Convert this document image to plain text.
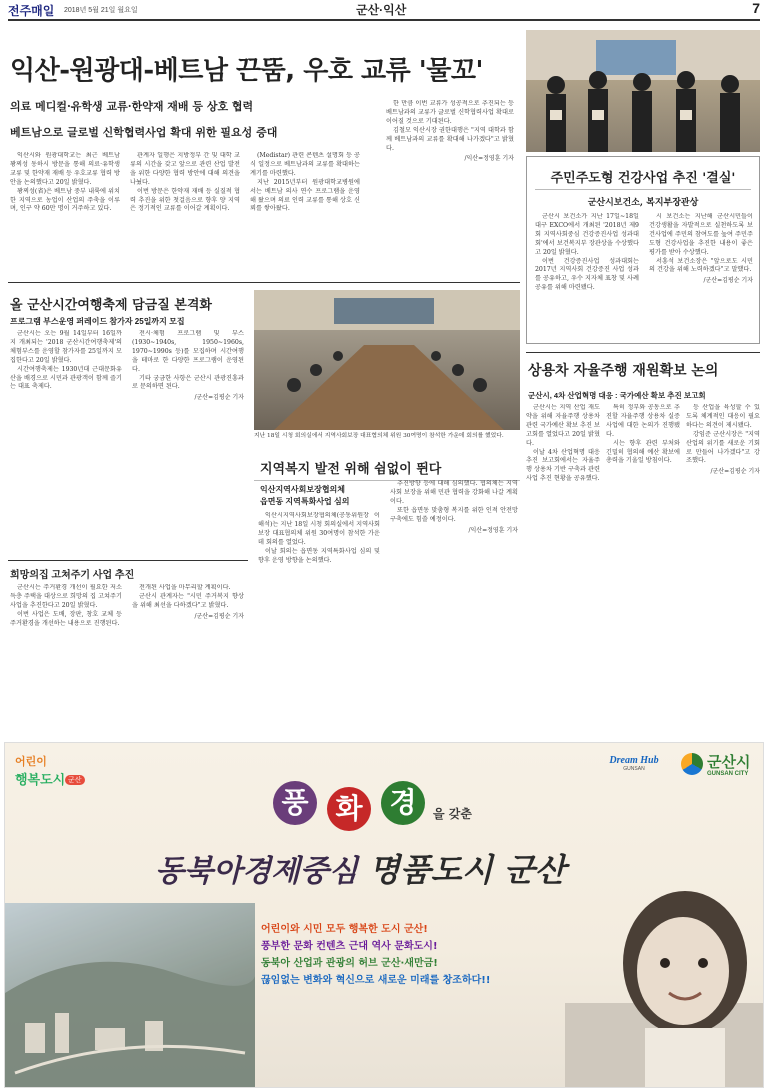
전주매일 2018년 5월 21일 월요일	군산·익산	7
익산-원광대-베트남 끈뚬, 우호 교류 '물꼬'
의료 메디컬·유학생 교류·한약재 재배 등 상호 협력
베트남으로 글로벌 신학협력사업 확대 위한 필요성 증대

익산시와 원광대학교는 최근 베트남 꽝찌성 동하시 방문을 통해 의료·유학생 교류 및 한약재 재배 등 우호교류 협력 방안을 논의했다고 20일 밝혔다.

꽝찌성(省)은 베트남 중부 내륙에 위치한 지역으로 농업이 산업의 주축을 이루며, 인구 약 60만 명이 거주하고 있다.

관계자 일행은 지방정부 간 및 대학 교류의 시간을 갖고 앞으로 관련 산업 발전을 위한 다양한 협력 방안에 대해 의견을 나눴다.

이번 방문은 한약재 재배 등 실질적 협력 추진을 위한 첫걸음으로 향후 양 지역은 정기적인 교류를 이어갈 계획이다.

(Medistar) 관련 콘텐츠 설명회 등 공식 일정으로 베트남과의 교류를 확대하는 계기를 마련했다.

지난 2015년부터 원광대학교병원에서는 베트남 의사 연수 프로그램을 운영해 왔으며 의료 인력 교류를 통해 상호 신뢰를 쌓아왔다.

한 만큼 이번 교류가 성공적으로 추진되는 등 베트남과의 교류가 글로벌 신학협력사업 확대로 이어질 것으로 기대된다.

김철모 익산시장 권한대행은 "지역 대학과 함께 베트남과의 교류를 확대해 나가겠다"고 밝혔다.

/익산=정영훈 기자
주민주도형 건강사업 추진 '결실'
군산시보건소, 복지부장관상

군산시 보건소가 지난 17일~18일 대구 EXCO에서 개최된 '2018년 제9회 지역사회중심 건강증진사업 성과대회'에서 보건복지부 장관상을 수상했다고 20일 밝혔다.

이번 건강증진사업 성과대회는 2017년 지역사회 건강증진 사업 성과를 공유하고, 우수 지자체 표창 및 사례 공유를 위해 마련됐다.

시 보건소는 지난해 군산시민들이 건강생활을 자발적으로 실천하도록 보건사업에 주민의 참여도를 높여 주민주도형 건강사업을 추진한 내용이 좋은 평가를 받아 수상했다.

서흥석 보건소장은 "앞으로도 시민의 건강을 위해 노력하겠다"고 말했다.

/군산=김평순 기자
올 군산시간여행축제 담금질 본격화
프로그램 부스운영 퍼레이드 참가자 25일까지 모집

군산시는 오는 9월 14일부터 16일까지 개최되는 '2018 군산시간여행축제'의 체험부스를 운영할 참가자를 25일까지 모집한다고 20일 밝혔다.

시간여행축제는 1930년대 근대문화유산을 배경으로 시민과 관광객이 함께 즐기는 대표 축제다.

전시·체험 프로그램 및 부스(1930~1940s, 1950~1960s, 1970~1990s 등)를 모집하며 시간여행을 테마로 한 다양한 프로그램이 운영된다.

기타 궁금한 사항은 군산시 관광진흥과로 문의하면 된다.

/군산=김평순 기자
지난 18일 시청 회의실에서 지역사회보장 대표협의체 위원 30여명이 참석한 가운데 회의를 했었다.
지역복지 발전 위해 쉼없이 뛴다
익산지역사회보장협의체
읍면동 지역특화사업 심의

익산시지역사회보장협의체(공동위원장 이해석)는 지난 18일 시청 회의실에서 지역사회보장 대표협의체 위원 30여명이 참석한 가운데 회의를 열었다.

이날 회의는 읍면동 지역특화사업 심의 및 향후 운영 방향을 논의했다.

추진방향 등에 대해 심의했다. 협의체는 지역사회 보장을 위해 민관 협력을 강화해 나갈 계획이다.

또한 읍면동 맞춤형 복지를 위한 인적 안전망 구축에도 힘쓸 예정이다.

/익산=정영훈 기자
상용차 자율주행 재원확보 논의
군산시, 4차 산업혁명 대응 : 국가예산 확보 추진 보고회

군산시는 지역 산업 재도약을 위해 자율주행 상용차 관련 국가예산 확보 추진 보고회를 열었다고 20일 밝혔다.

이날 4차 산업혁명 대응 추진 보고회에서는 자율주행 상용차 기반 구축과 관련 사업 추진 현황을 공유했다.

특히 정부와 공동으로 추진할 자율주행 상용차 실증사업에 대한 논의가 진행됐다.

시는 향후 관련 부처와 긴밀히 협의해 예산 확보에 총력을 기울일 방침이다.

등 산업을 육성할 수 있도록 체계적인 대응이 필요하다는 의견이 제시됐다.

강임준 군산시장은 "지역 산업의 위기를 새로운 기회로 만들어 나가겠다"고 강조했다.

/군산=김평순 기자
희망의집 고쳐주기 사업 추진

군산시는 주거환경 개선이 필요한 저소득층 주택을 대상으로 희망의 집 고쳐주기 사업을 추진한다고 20일 밝혔다.

이번 사업은 도배, 장판, 창호 교체 등 주거환경을 개선하는 내용으로 진행된다.

전개된 사업을 마무리할 계획이다.

군산시 관계자는 "시민 주거복지 향상을 위해 최선을 다하겠다"고 밝혔다.

/군산=김평순 기자
어린이
행복도시 군산
Dream Hub
GUNSAN	군산시
GUNSAN CITY
풍 화 경	을 갖춘
동북아경제중심 명품도시 군산
어린이와 시민 모두 행복한 도시 군산!
풍부한 문화 컨텐츠 근대 역사 문화도시!
동북아 산업과 관광의 허브 군산·새만금!
끊임없는 변화와 혁신으로 새로운 미래를 창조하다!!
